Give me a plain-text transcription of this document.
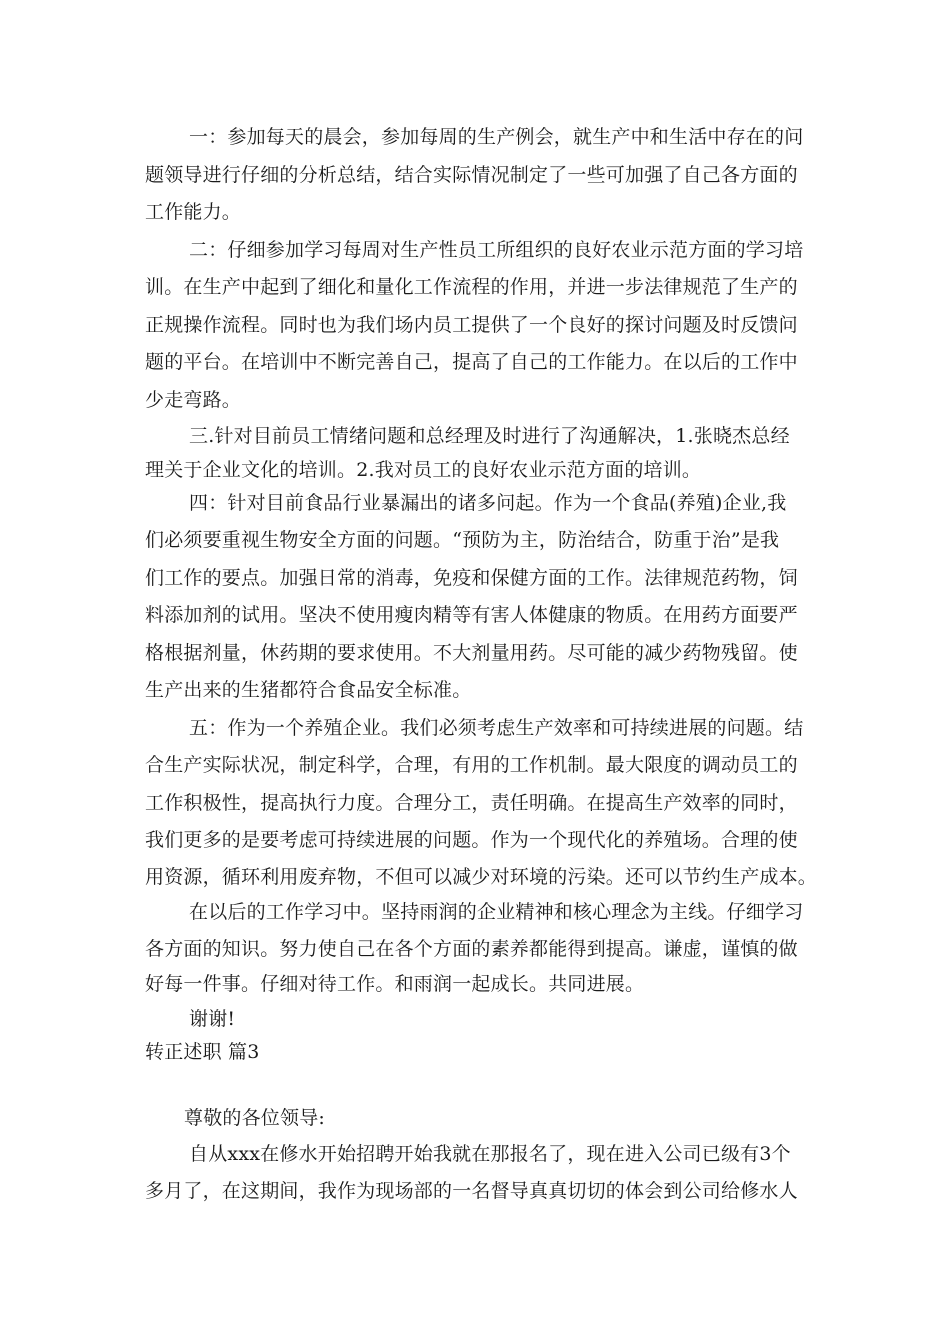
一：参加每天的晨会，参加每周的生产例会，就生产中和生活中存在的问
题领导进行仔细的分析总结，结合实际情况制定了一些可加强了自己各方面的
工作能力。
二：仔细参加学习每周对生产性员工所组织的良好农业示范方面的学习培
训。在生产中起到了细化和量化工作流程的作用，并进一步法律规范了生产的
正规操作流程。同时也为我们场内员工提供了一个良好的探讨问题及时反馈问
题的平台。在培训中不断完善自己，提高了自己的工作能力。在以后的工作中
少走弯路。
三.针对目前员工情绪问题和总经理及时进行了沟通解决，1.张晓杰总经
理关于企业文化的培训。2.我对员工的良好农业示范方面的培训。
四：针对目前食品行业暴漏出的诸多问起。作为一个食品(养殖)企业,我
们必须要重视生物安全方面的问题。“预防为主，防治结合，防重于治”是我
们工作的要点。加强日常的消毒，免疫和保健方面的工作。法律规范药物，饲
料添加剂的试用。坚决不使用瘦肉精等有害人体健康的物质。在用药方面要严
格根据剂量，休药期的要求使用。不大剂量用药。尽可能的减少药物残留。使
生产出来的生猪都符合食品安全标准。
五：作为一个养殖企业。我们必须考虑生产效率和可持续进展的问题。结
合生产实际状况，制定科学，合理，有用的工作机制。最大限度的调动员工的
工作积极性，提高执行力度。合理分工，责任明确。在提高生产效率的同时，
我们更多的是要考虑可持续进展的问题。作为一个现代化的养殖场。合理的使
用资源，循环利用废弃物，不但可以减少对环境的污染。还可以节约生产成本。
在以后的工作学习中。坚持雨润的企业精神和核心理念为主线。仔细学习
各方面的知识。努力使自己在各个方面的素养都能得到提高。谦虚，谨慎的做
好每一件事。仔细对待工作。和雨润一起成长。共同进展。
谢谢!
转正述职 篇3
尊敬的各位领导:
自从xxx在修水开始招聘开始我就在那报名了，现在进入公司已级有3个
多月了，在这期间，我作为现场部的一名督导真真切切的体会到公司给修水人
